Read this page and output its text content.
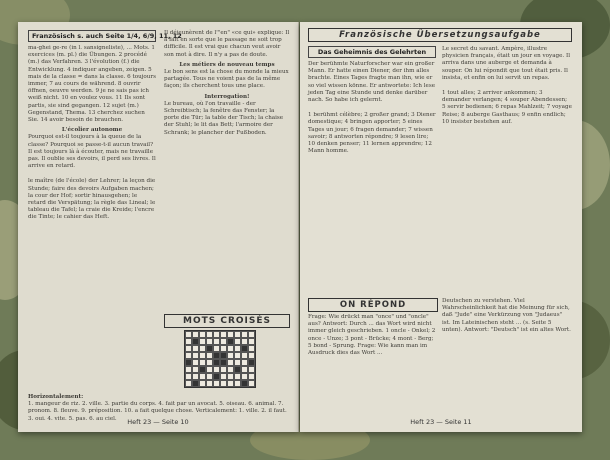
Französisch s. auch Seite 1/4, 6/9, 11, 12

ma-ghei ge-re (in l. sansigneliste), ... Mots. 1 exercices (m. pl.) die Übungen. 2 procédé (m.) das Verfahren. 3 l'évolution (f.) die Entwicklung. 4 indiquer angeben, zeigen. 5 mais de la classe = dans la classe. 6 toujours immer, 7 au cours de während. 8 ouvrir öffnen, oeuvre werden. 9 je ne sais pas ich weiß nicht. 10 en voulez vous. 11 Ils sont partis, sie sind gegangen. 12 sujet (m.) Gegenstand, Thema. 13 cherchez suchen Sie. 14 avoir besoin de brauchen.

L'écolier autonome

Pourquoi est-il toujours à la queue de la classe? Pourquoi se passe-t-il aucun travail? Il est toujours là à écouter, mais ne travaille pas. Il oublie ses devoirs, il perd ses livres. Il arrive en retard.

le maître (de l'école) der Lehrer; la leçon die Stunde; faire des devoirs Aufgaben machen; la cour der Hof; sortir hinausgehen; le retard die Verspätung; la règle das Lineal; le tableau die Tafel; la craie die Kreide; l'encre die Tinte; le cahier das Heft.

Il déjeunèrent de l'"en" «ce qui» explique: Il a fait en sorte que le passage ne soit trop difficile. Il est vrai que chacun veut avoir son mot à dire. Il n'y a pas de doute.

Les métiers de nouveau temps

Le bon sens est la chose du monde la mieux partagée. Tous ne voient pas de la même façon; ils cherchent tous une place.

Interrogation!

Le bureau, où l'on travaille - der Schreibtisch; la fenêtre das Fenster; la porte die Tür; la table der Tisch; la chaise der Stuhl; le lit das Bett; l'armoire der Schrank; le plancher der Fußboden.

MOTS CROISÉS

Horizontalement:

1. mangeur de riz. 2. ville. 3. partie du corps. 4. fait par un avocat. 5. oiseau. 6. animal. 7. pronom. 8. fleuve. 9. préposition. 10. a fait quelque chose. Verticalement: 1. ville. 2. il faut. 3. oui. 4. vite. 5. pas. 6. au ciel.	Heft 23 — Seite 10
Französische Übersetzungsaufgabe
Das Geheimnis des Gelehrten

Der berühmte Naturforscher war ein großer Mann. Er hatte einen Diener, der ihm alles brachte. Eines Tages fragte man ihn, wie er so viel wissen könne. Er antwortete: Ich lese jeden Tag eine Stunde und denke darüber nach. So habe ich gelernt.

1 berühmt célèbre; 2 großer grand; 3 Diener domestique; 4 bringen apporter; 5 eines Tages un jour; 6 fragen demander; 7 wissen savoir; 8 antworten répondre; 9 lesen lire; 10 denken penser; 11 lernen apprendre; 12 Mann homme.

Le secret du savant. Ampère, illustre physicien français, était un jour en voyage. Il arriva dans une auberge et demanda à souper. On lui répondit que tout était pris. Il insista, et enfin on lui servit un repas.

1 tout alles; 2 arriver ankommen; 3 demander verlangen; 4 souper Abendessen; 5 servir bedienen; 6 repas Mahlzeit; 7 voyage Reise; 8 auberge Gasthaus; 9 enfin endlich; 10 insister bestehen auf.

ON RÉPOND

Frage: Wie drückt man "once" und "oncle" aus? Antwort: Durch ... das Wort wird nicht immer gleich geschrieben. 1 oncle - Onkel; 2 once - Unze; 3 pont - Brücke; 4 mont - Berg; 5 bond - Sprung. Frage: Wie kann man im Ausdruck dies das Wort ...

Deutschen zu verstehen. Viel Wahrscheinlichkeit hat die Meinung für sich, daß "Jude" eine Verkürzung von "Judaeus" ist. Im Lateinischen steht ... (s. Seite 5 unten). Antwort: "Deutsch" ist ein altes Wort.

Heft 23 — Seite 11
